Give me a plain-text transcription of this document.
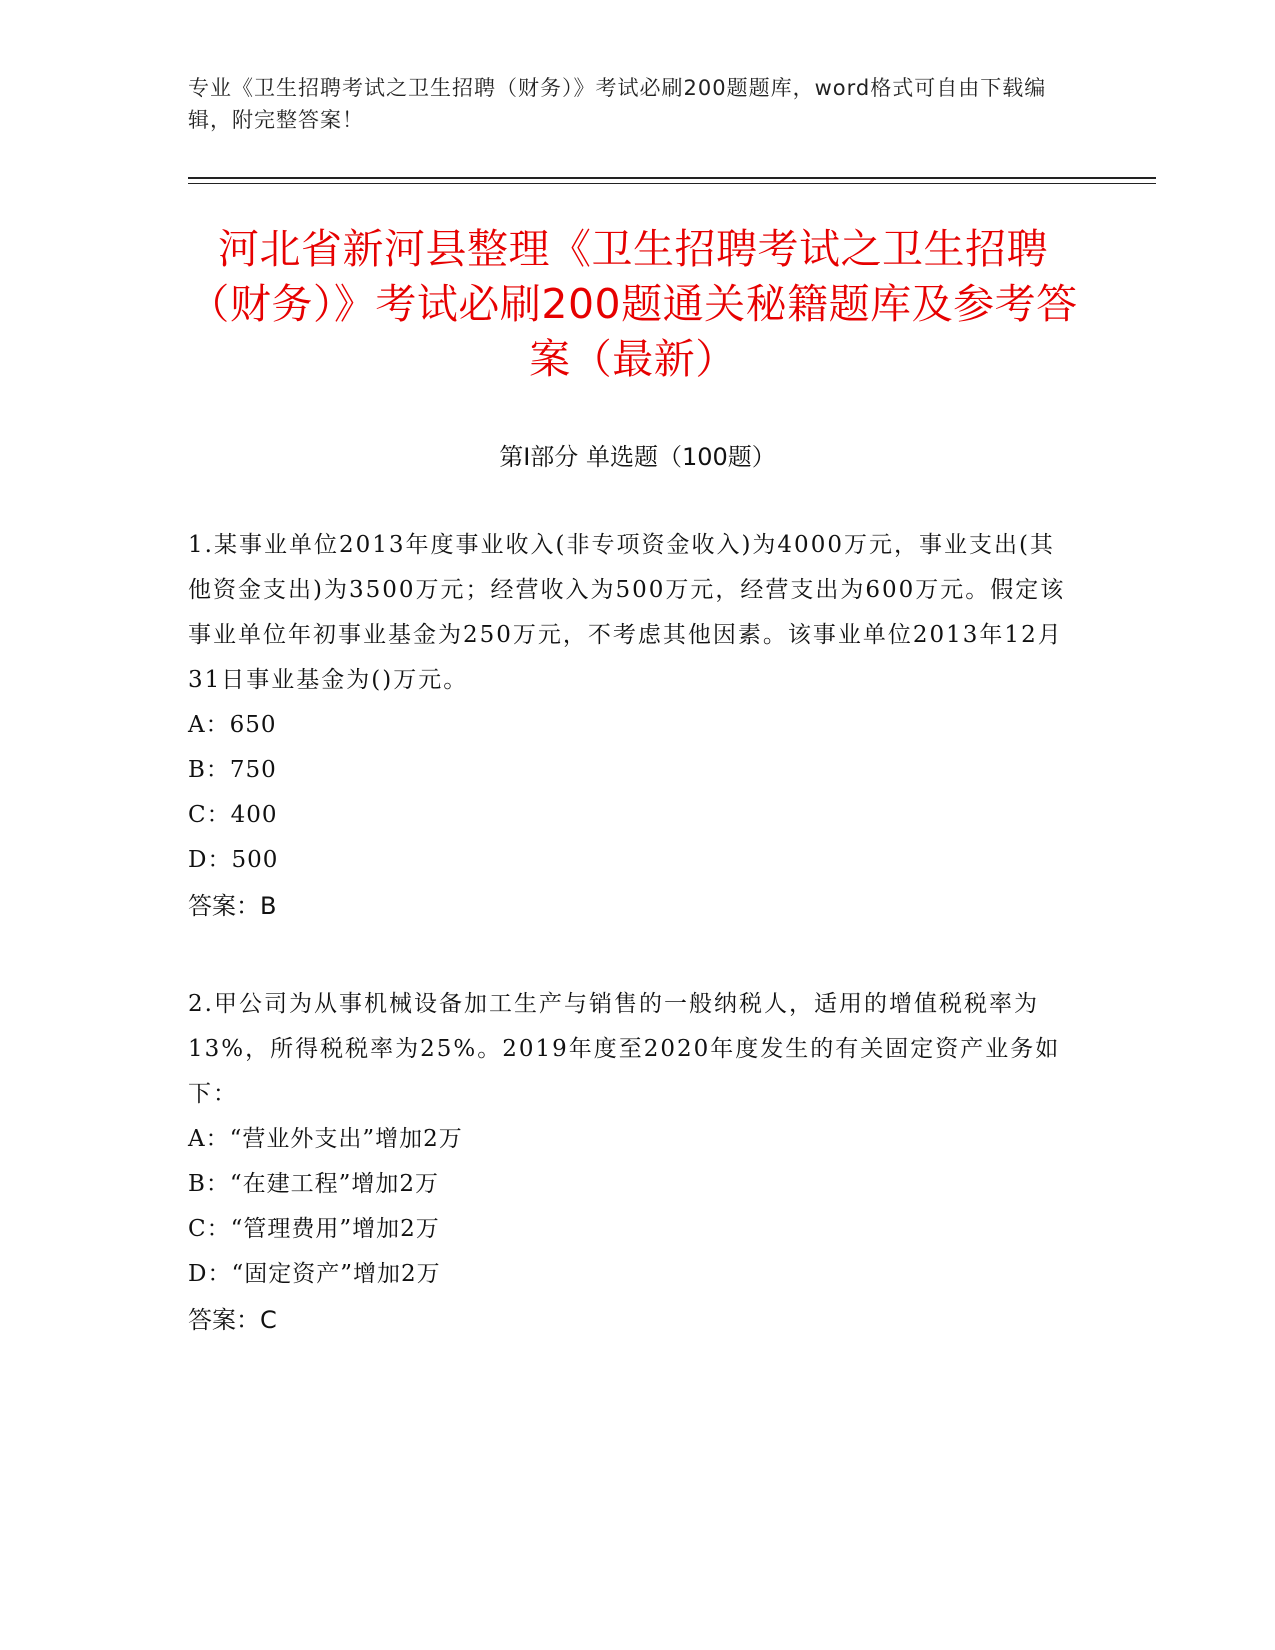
专业《卫生招聘考试之卫生招聘（财务）》考试必刷200题题库，word格式可自由下载编辑，附完整答案！
河北省新河县整理《卫生招聘考试之卫生招聘（财务）》考试必刷200题通关秘籍题库及参考答案（最新）
第I部分 单选题（100题）
1.某事业单位2013年度事业收入(非专项资金收入)为4000万元，事业支出(其他资金支出)为3500万元；经营收入为500万元，经营支出为600万元。假定该事业单位年初事业基金为250万元，不考虑其他因素。该事业单位2013年12月31日事业基金为()万元。
A：650
B：750
C：400
D：500
答案：B
2.甲公司为从事机械设备加工生产与销售的一般纳税人，适用的增值税税率为13%，所得税税率为25%。2019年度至2020年度发生的有关固定资产业务如下：
A：“营业外支出”增加2万
B：“在建工程”增加2万
C：“管理费用”增加2万
D：“固定资产”增加2万
答案：C
